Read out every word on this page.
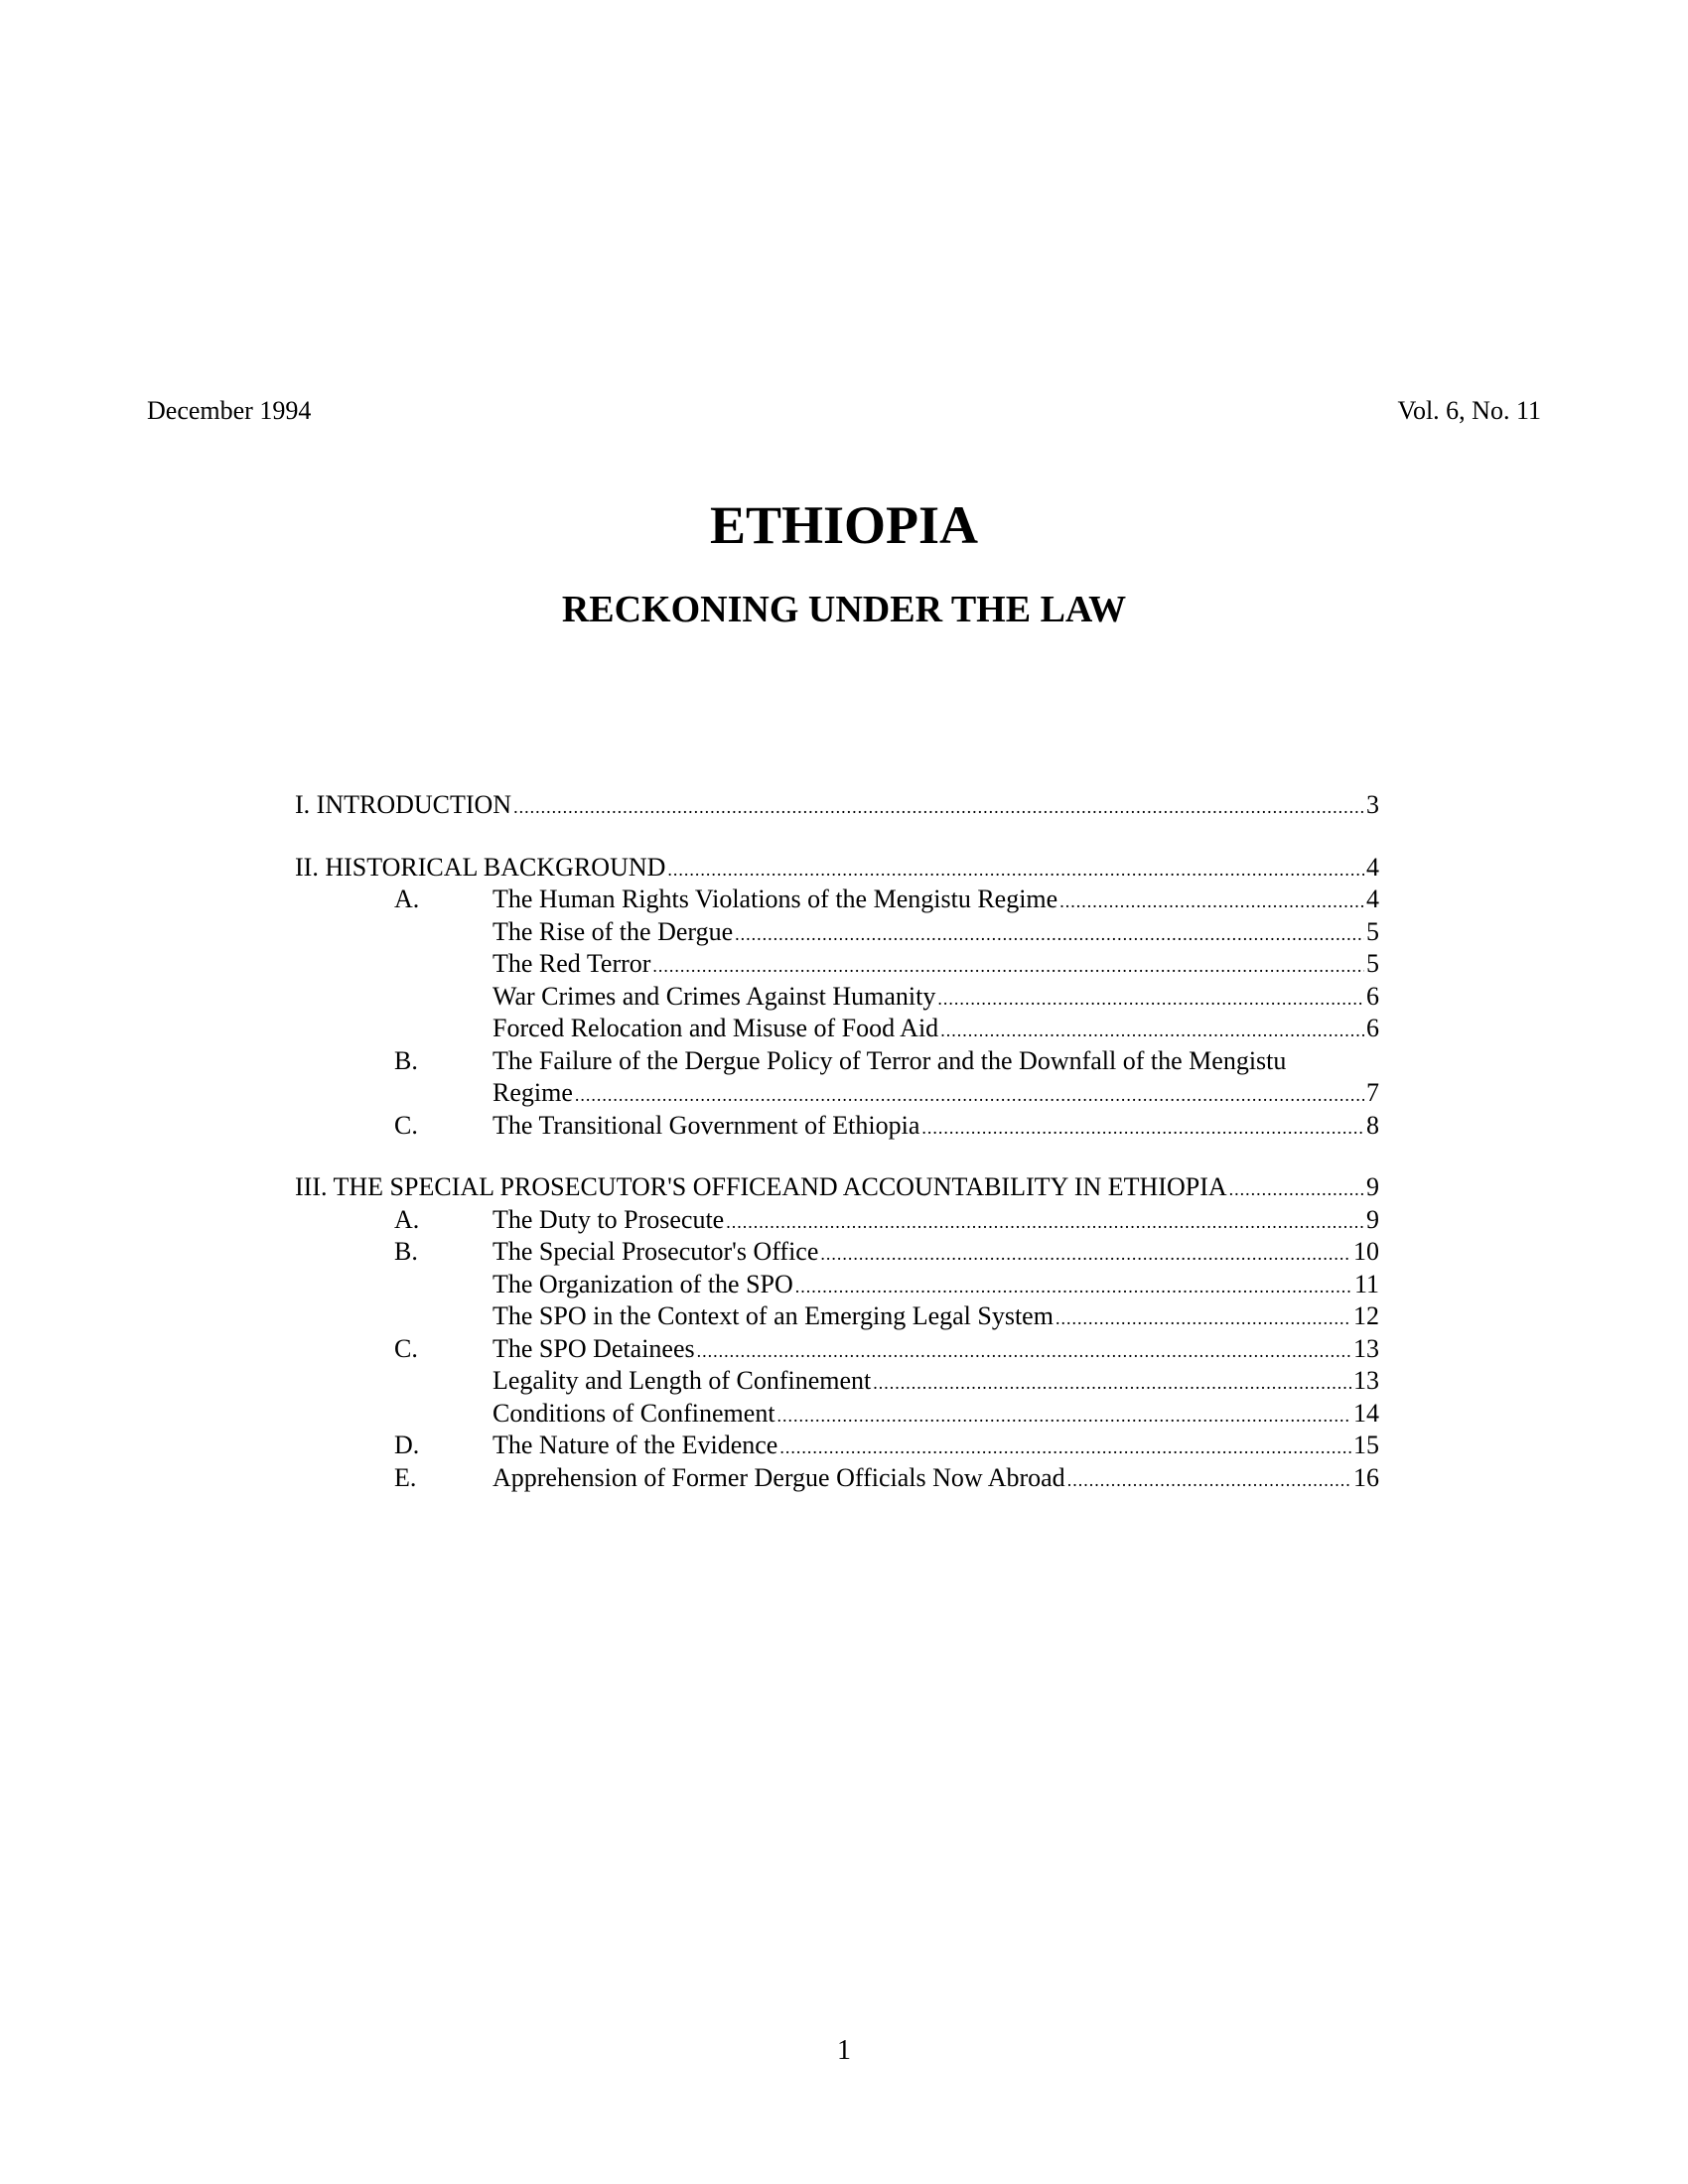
December 1994	Vol. 6, No. 11
ETHIOPIA
RECKONING UNDER THE LAW
I. INTRODUCTION .....	3
II. HISTORICAL BACKGROUND .....	4
A.	The Human Rights Violations of the Mengistu Regime .....	4
The Rise of the Dergue .....	5
The Red Terror .....	5
War Crimes and Crimes Against Humanity .....	6
Forced Relocation and Misuse of Food Aid .....	6
B.	The Failure of the Dergue Policy of Terror and the Downfall of the Mengistu
Regime .....	7
C.	The Transitional Government of Ethiopia .....	8
III. THE SPECIAL PROSECUTOR'S OFFICEAND ACCOUNTABILITY IN ETHIOPIA .....	9
A.	The Duty to Prosecute .....	9
B.	The Special Prosecutor's Office .....	10
The Organization of the SPO .....	11
The SPO in the Context of an Emerging Legal System .....	12
C.	The SPO Detainees .....	13
Legality and Length of Confinement .....	13
Conditions of Confinement .....	14
D.	The Nature of the Evidence .....	15
E.	Apprehension of Former Dergue Officials Now Abroad .....	16
1
